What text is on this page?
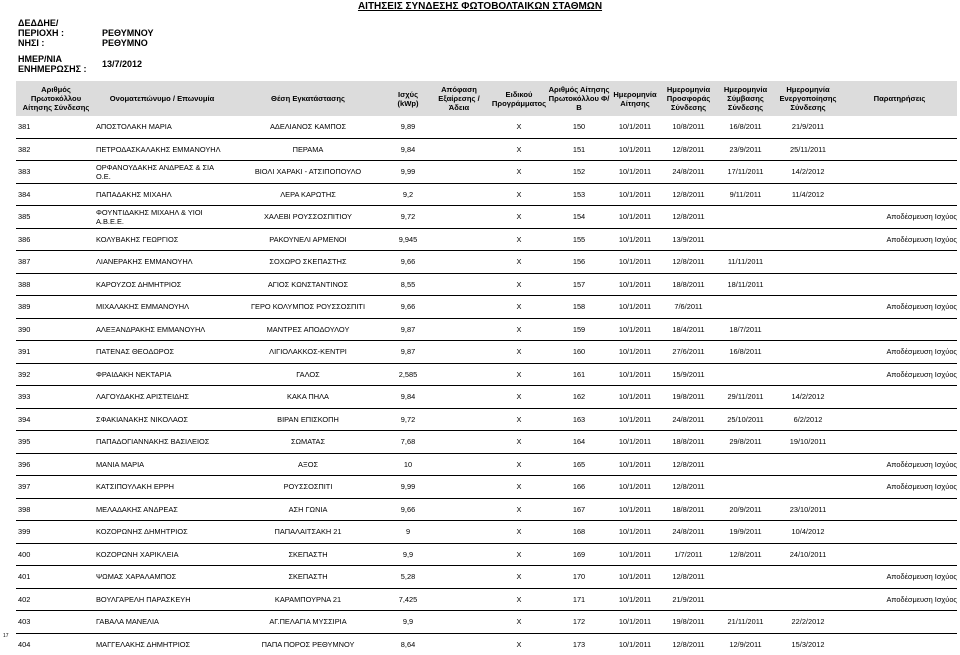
ΑΙΤΗΣΕΙΣ ΣΥΝΔΕΣΗΣ ΦΩΤΟΒΟΛΤΑΙΚΩΝ ΣΤΑΘΜΩΝ
ΔΕΔΔΗΕ/
ΠΕΡΙΟΧΗ :	ΡΕΘΥΜΝΟΥ
ΝΗΣΙ :	ΡΕΘΥΜΝΟ
ΗΜΕΡ/ΝΙΑ	13/7/2012
ΕΝΗΜΕΡΩΣΗΣ :
Αριθμός Πρωτοκόλλου Αίτησης Σύνδεσης	Ονοματεπώνυμο / Επωνυμία	Θέση Εγκατάστασης	Ισχύς (kWp)	Απόφαση Εξαίρεσης / Άδεια	Ειδικού Προγράμματος	Αριθμός Αίτησης Πρωτοκόλλου Φ/Β	Ημερομηνία Αίτησης	Ημερομηνία Προσφοράς Σύνδεσης	Ημερομηνία Σύμβασης Σύνδεσης	Ημερομηνία Ενεργοποίησης Σύνδεσης	Παρατηρήσεις
381	ΑΠΟΣΤΟΛΑΚΗ ΜΑΡΙΑ	ΑΔΕΛΙΑΝΟΣ ΚΑΜΠΟΣ	9,89		Χ	150	10/1/2011	10/8/2011	16/8/2011	21/9/2011	
382	ΠΕΤΡΟΔΑΣΚΑΛΑΚΗΣ ΕΜΜΑΝΟΥΗΛ	ΠΕΡΑΜΑ	9,84		Χ	151	10/1/2011	12/8/2011	23/9/2011	25/11/2011	
383	ΟΡΦΑΝΟΥΔΑΚΗΣ ΑΝΔΡΕΑΣ & ΣΙΑ Ο.Ε.	ΒΙΟΛΙ ΧΑΡΑΚΙ - ΑΤΣΙΠΟΠΟΥΛΟ	9,99		Χ	152	10/1/2011	24/8/2011	17/11/2011	14/2/2012	
384	ΠΑΠΑΔΑΚΗΣ ΜΙΧΑΗΛ	ΛΕΡΑ ΚΑΡΩΤΗΣ	9,2		Χ	153	10/1/2011	12/8/2011	9/11/2011	11/4/2012	
385	ΦΟΥΝΤΙΔΑΚΗΣ ΜΙΧΑΗΛ & ΥΙΟΙ Α.Β.Ε.Ε.	ΧΑΛΕΒΙ ΡΟΥΣΣΟΣΠΙΤΙΟΥ	9,72		Χ	154	10/1/2011	12/8/2011			Αποδέσμευση Ισχύος
386	ΚΟΛΥΒΑΚΗΣ ΓΕΩΡΓΙΟΣ	ΡΑΚΟΥΝΕΛΙ ΑΡΜΕΝΟΙ	9,945		Χ	155	10/1/2011	13/9/2011			Αποδέσμευση Ισχύος
387	ΛΙΑΝΕΡΑΚΗΣ ΕΜΜΑΝΟΥΗΛ	ΣΟΧΩΡΟ ΣΚΕΠΑΣΤΗΣ	9,66		Χ	156	10/1/2011	12/8/2011	11/11/2011		
388	ΚΑΡΟΥΖΟΣ ΔΗΜΗΤΡΙΟΣ	ΑΓΙΟΣ ΚΩΝΣΤΑΝΤΙΝΟΣ	8,55		Χ	157	10/1/2011	18/8/2011	18/11/2011		
389	ΜΙΧΑΛΑΚΗΣ ΕΜΜΑΝΟΥΗΛ	ΓΕΡΟ ΚΟΛΥΜΠΟΣ ΡΟΥΣΣΟΣΠΙΤΙ	9,66		Χ	158	10/1/2011	7/6/2011			Αποδέσμευση Ισχύος
390	ΑΛΕΞΑΝΔΡΑΚΗΣ ΕΜΜΑΝΟΥΗΛ	ΜΑΝΤΡΕΣ ΑΠΟΔΟΥΛΟΥ	9,87		Χ	159	10/1/2011	18/4/2011	18/7/2011		
391	ΠΑΤΕΝΑΣ ΘΕΟΔΩΡΟΣ	ΛΙΓΙΟΛΑΚΚΟΣ-ΚΕΝΤΡΙ	9,87		Χ	160	10/1/2011	27/6/2011	16/8/2011		Αποδέσμευση Ισχύος
392	ΦΡΑΙΔΑΚΗ ΝΕΚΤΑΡΙΑ	ΓΑΛΟΣ	2,585		Χ	161	10/1/2011	15/9/2011			Αποδέσμευση Ισχύος
393	ΛΑΓΟΥΔΑΚΗΣ ΑΡΙΣΤΕΙΔΗΣ	ΚΑΚΑ ΠΗΛΑ	9,84		Χ	162	10/1/2011	19/8/2011	29/11/2011	14/2/2012	
394	ΣΦΑΚΙΑΝΑΚΗΣ ΝΙΚΟΛΑΟΣ	ΒΙΡΑΝ ΕΠΙΣΚΟΠΗ	9,72		Χ	163	10/1/2011	24/8/2011	25/10/2011	6/2/2012	
395	ΠΑΠΑΔΟΓΙΑΝΝΑΚΗΣ ΒΑΣΙΛΕΙΟΣ	ΣΩΜΑΤΑΣ	7,68		Χ	164	10/1/2011	18/8/2011	29/8/2011	19/10/2011	
396	ΜΑΝΙΑ ΜΑΡΙΑ	ΑΞΟΣ	10		Χ	165	10/1/2011	12/8/2011			Αποδέσμευση Ισχύος
397	ΚΑΤΣΙΠΟΥΛΑΚΗ ΕΡΡΗ	ΡΟΥΣΣΟΣΠΙΤΙ	9,99		Χ	166	10/1/2011	12/8/2011			Αποδέσμευση Ισχύος
398	ΜΕΛΑΔΑΚΗΣ ΑΝΔΡΕΑΣ	ΑΣΗ ΓΩΝΙΑ	9,66		Χ	167	10/1/2011	18/8/2011	20/9/2011	23/10/2011	
399	ΚΟΖΟΡΩΝΗΣ ΔΗΜΗΤΡΙΟΣ	ΠΑΠΑΛΑΙΤΣΑΚΗ 21	9		Χ	168	10/1/2011	24/8/2011	19/9/2011	10/4/2012	
400	ΚΟΖΟΡΩΝΗ ΧΑΡΙΚΛΕΙΑ	ΣΚΕΠΑΣΤΗ	9,9		Χ	169	10/1/2011	1/7/2011	12/8/2011	24/10/2011	
401	ΨΩΜΑΣ ΧΑΡΑΛΑΜΠΟΣ	ΣΚΕΠΑΣΤΗ	5,28		Χ	170	10/1/2011	12/8/2011			Αποδέσμευση Ισχύος
402	ΒΟΥΛΓΑΡΕΛΗ ΠΑΡΑΣΚΕΥΗ	ΚΑΡΑΜΠΟΥΡΝΑ 21	7,425		Χ	171	10/1/2011	21/9/2011			Αποδέσμευση Ισχύος
403	ΓΑΒΑΛΑ ΜΑΝΕΛΙΑ	ΑΓ.ΠΕΛΑΓΙΑ ΜΥΣΣΙΡΙΑ	9,9		Χ	172	10/1/2011	19/8/2011	21/11/2011	22/2/2012	
404	ΜΑΓΓΕΛΑΚΗΣ ΔΗΜΗΤΡΙΟΣ	ΠΑΠΑ ΠΟΡΟΣ ΡΕΘΥΜΝΟΥ	8,64		Χ	173	10/1/2011	12/8/2011	12/9/2011	15/3/2012	
17
